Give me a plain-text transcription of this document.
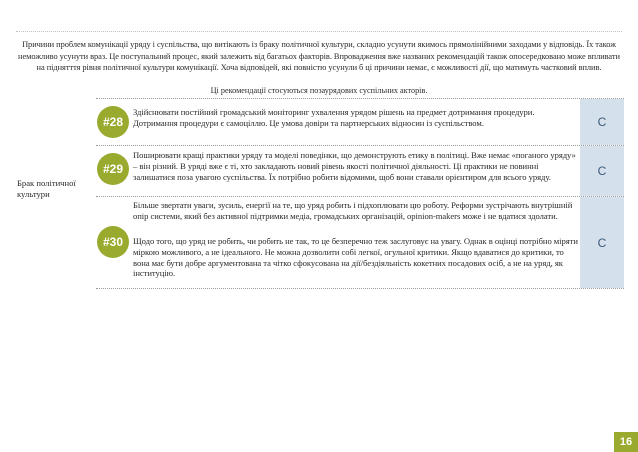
Причини проблем комунікації уряду і суспільства, що витікають із браку політичної культури, складно усунути якимось прямолінійними заходами у відповідь. Їх також неможливо усунути враз. Це поступальний процес, який залежить від багатьох факторів. Впровадження вже названих рекомендацій також опосередковано може впливати на піднятття рівня політичної культури комунікації. Хоча відповідей, які повністю усунули б ці причини немає, є можливості дії, що матимуть частковий вплив.
Ці рекомендації стосуються позаурядових суспільних акторів.
Брак політичної культури
#28
Здійснювати постійний громадський моніторинг ухвалення урядом рішень на предмет дотримання процедури. Дотримання процедури є самоціллю. Це умова довіри та партнерських відносин із суспільством.	C
#29
Поширювати кращі практики уряду та моделі поведінки, що демонструють етику в політиці. Вже немає «поганого уряду» – він різний. В уряді вже є ті, хто закладають новий рівень якості політичної діяльності. Ці практики не повинні залишатися поза увагою суспільства. Їх потрібно робити відомими, щоб вони ставали орієнтиром для всього уряду.	C
#30
Більше звертати уваги, зусиль, енергії на те, що уряд робить і підхоплювати цю роботу. Реформи зустрічають внутрішній опір системи, який без активної підтримки медіа, громадських організацій, opinion-makers може і не вдатися здолати.
Щодо того, що уряд не робить, чи робить не так, то це безперечно теж заслуговує на увагу. Однак в оцінці потрібно міряти міркою можливого, а не ідеального. Не можна дозволити собі легкої, огульної критики. Якщо вдаватися до критики, то вона має бути добре аргументована та чітко сфокусована на дії/бездіяльність кокетних посадових осіб, а не на уряд, як інституцію.
C
16
